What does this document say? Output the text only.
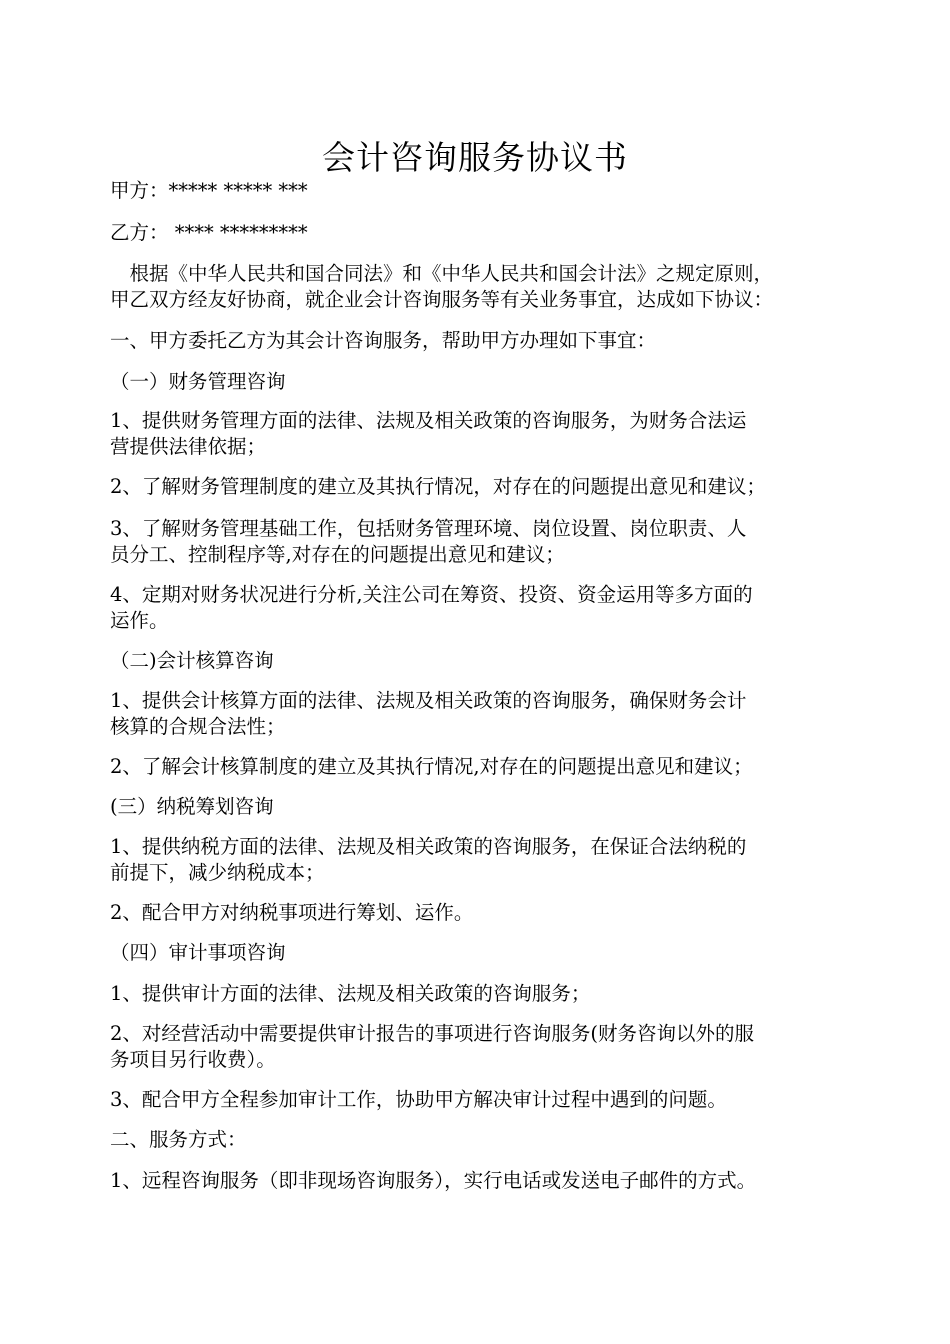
会计咨询服务协议书

甲方：***** ***** ***

乙方： **** *********

　根据《中华人民共和国合同法》和《中华人民共和国会计法》之规定原则，

甲乙双方经友好协商，就企业会计咨询服务等有关业务事宜，达成如下协议：

一、甲方委托乙方为其会计咨询服务，帮助甲方办理如下事宜：

（一）财务管理咨询

1、提供财务管理方面的法律、法规及相关政策的咨询服务，为财务合法运

营提供法律依据；

2、了解财务管理制度的建立及其执行情况，对存在的问题提出意见和建议；

3、了解财务管理基础工作，包括财务管理环境、岗位设置、岗位职责、人

员分工、控制程序等,对存在的问题提出意见和建议；

4、定期对财务状况进行分析,关注公司在筹资、投资、资金运用等多方面的

运作。

（二)会计核算咨询

1、提供会计核算方面的法律、法规及相关政策的咨询服务，确保财务会计

核算的合规合法性；

2、了解会计核算制度的建立及其执行情况,对存在的问题提出意见和建议；

(三）纳税筹划咨询

1、提供纳税方面的法律、法规及相关政策的咨询服务，在保证合法纳税的

前提下，减少纳税成本；

2、配合甲方对纳税事项进行筹划、运作。

（四）审计事项咨询

1、提供审计方面的法律、法规及相关政策的咨询服务；

2、对经营活动中需要提供审计报告的事项进行咨询服务(财务咨询以外的服

务项目另行收费）。

3、配合甲方全程参加审计工作，协助甲方解决审计过程中遇到的问题。

二、服务方式：

1、远程咨询服务（即非现场咨询服务），实行电话或发送电子邮件的方式。
